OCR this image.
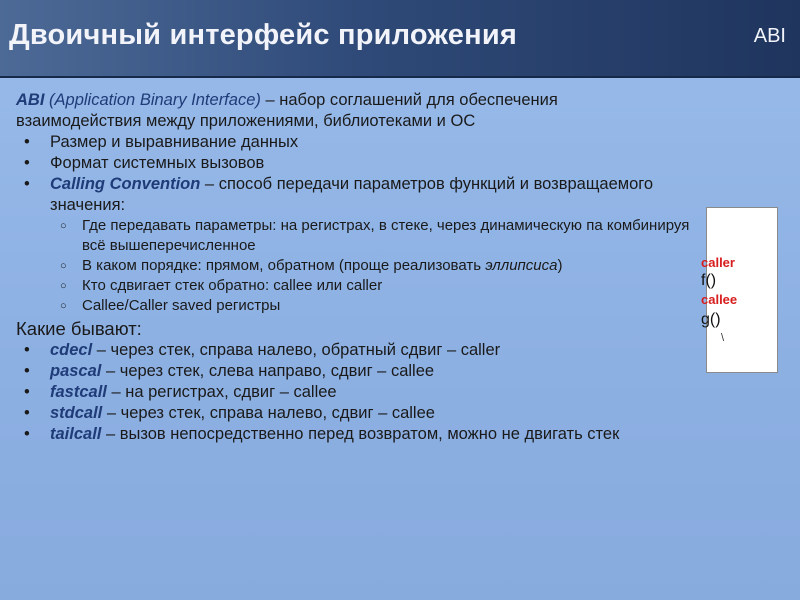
Двоичный интерфейс приложения	ABI

ABI (Application Binary Interface) – набор соглашений для обеспечения
взаимодействия между приложениями, библиотеками и ОС

• Размер и выравнивание данных
• Формат системных вызовов
• Calling Convention – способ передачи параметров функций и возвращаемого значения:
○ Где передавать параметры: на регистрах, в стеке, через динамическую па комбинируя всё вышеперечисленное
○ В каком порядке: прямом, обратном (проще реализовать эллипсиса)
○ Кто сдвигает стек обратно: callee или caller
○ Callee/Caller saved регистры
Какие бывают:
• cdecl – через стек, справа налево, обратный сдвиг – caller
• pascal – через стек, слева направо, сдвиг – callee
• fastcall – на регистрах, сдвиг – callee
• stdcall – через стек, справа налево, сдвиг – callee
• tailcall – вызов непосредственно перед возвратом, можно не двигать стек
caller
f()
callee
g()
\
